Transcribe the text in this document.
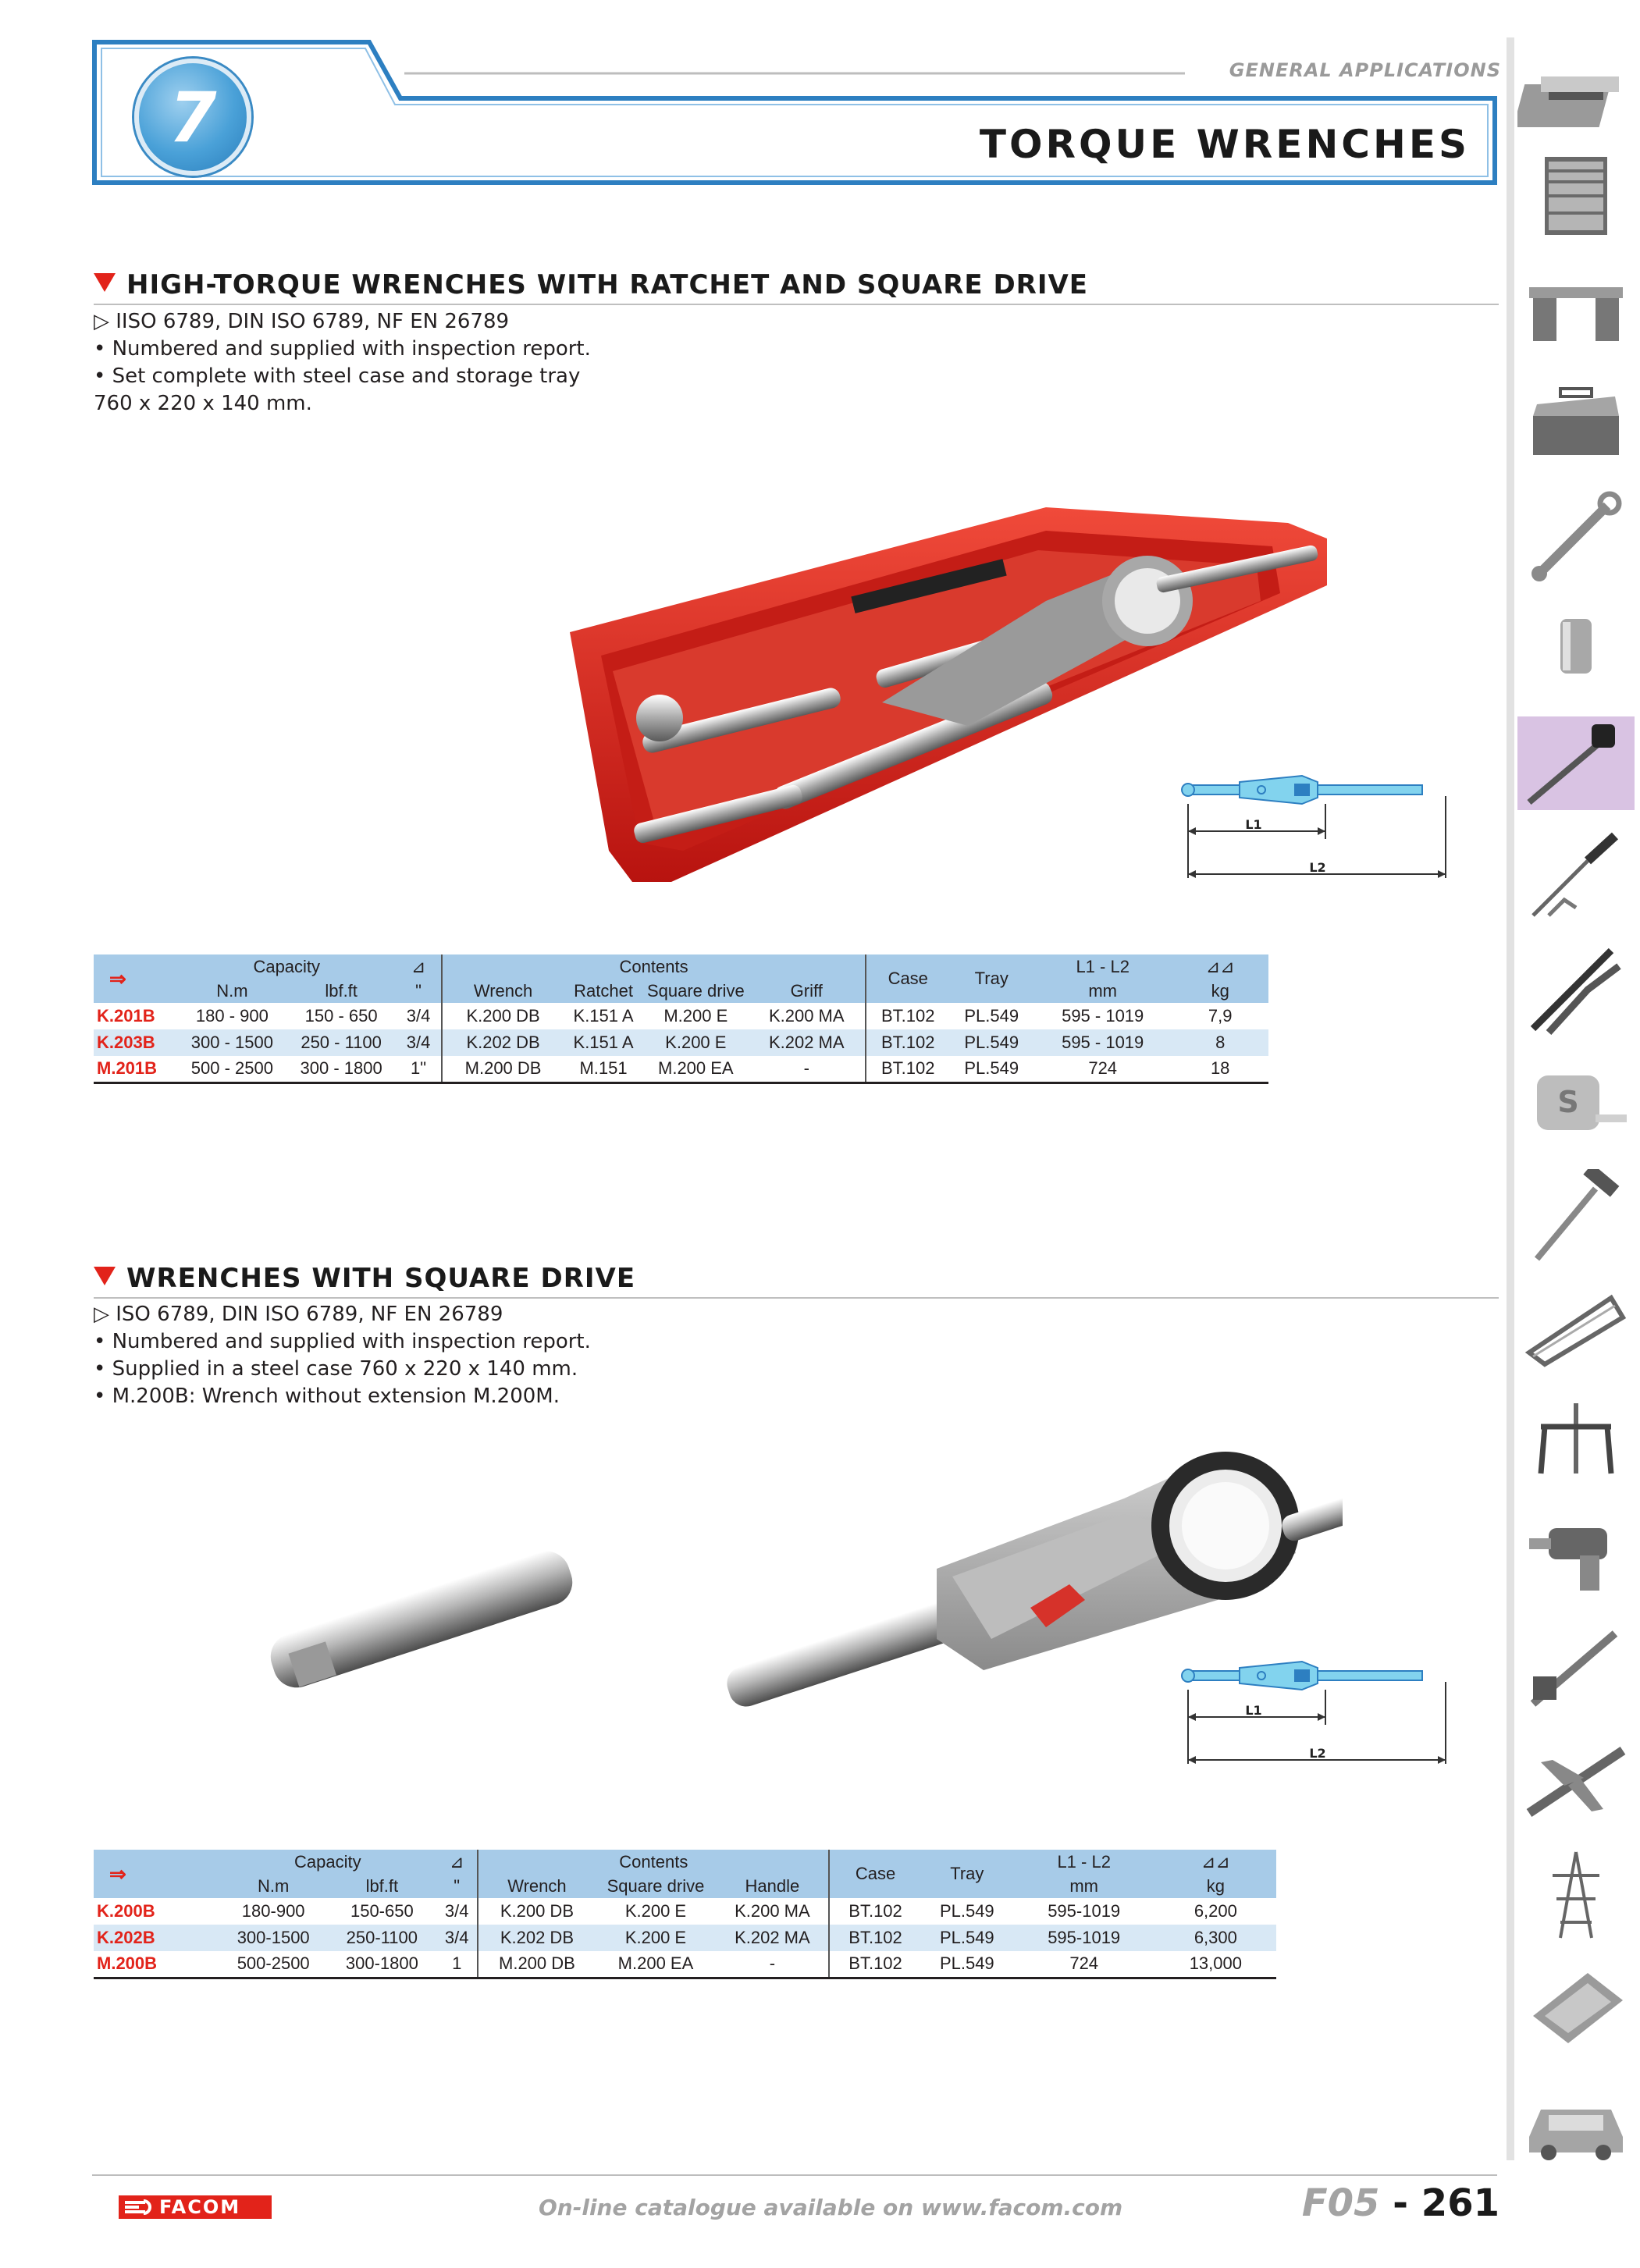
7
GENERAL APPLICATIONS
TORQUE WRENCHES
S
HIGH-TORQUE WRENCHES WITH RATCHET AND SQUARE DRIVE
▷ IISO 6789, DIN ISO 6789, NF EN 26789
• Numbered and supplied with inspection report.
• Set complete with steel case and storage tray
760 x 220 x 140 mm.
L1
L2
⇒	Capacity		⊿	Contents				Case	Tray	L1 - L2	⊿⊿
	N.m	lbf.ft	"	Wrench	Ratchet	Square drive	Griff			mm	kg
K.201B	180 - 900	150 - 650	3/4	K.200 DB	K.151 A	M.200 E	K.200 MA	BT.102	PL.549	595 - 1019	7,9
K.203B	300 - 1500	250 - 1100	3/4	K.202 DB	K.151 A	K.200 E	K.202 MA	BT.102	PL.549	595 - 1019	8
M.201B	500 - 2500	300 - 1800	1"	M.200 DB	M.151	M.200 EA	-	BT.102	PL.549	724	18
WRENCHES WITH SQUARE DRIVE
▷ ISO 6789, DIN ISO 6789, NF EN 26789
• Numbered and supplied with inspection report.
• Supplied in a steel case 760 x 220 x 140 mm.
• M.200B: Wrench without extension M.200M.
L1
L2
⇒	Capacity		⊿	Contents			Case	Tray	L1 - L2	⊿⊿
	N.m	lbf.ft	"	Wrench	Square drive	Handle			mm	kg
K.200B	180-900	150-650	3/4	K.200 DB	K.200 E	K.200 MA	BT.102	PL.549	595-1019	6,200
K.202B	300-1500	250-1100	3/4	K.202 DB	K.200 E	K.202 MA	BT.102	PL.549	595-1019	6,300
M.200B	500-2500	300-1800	1	M.200 DB	M.200 EA	-	BT.102	PL.549	724	13,000
FACOM	On-line catalogue available on www.facom.com	F05 - 261
